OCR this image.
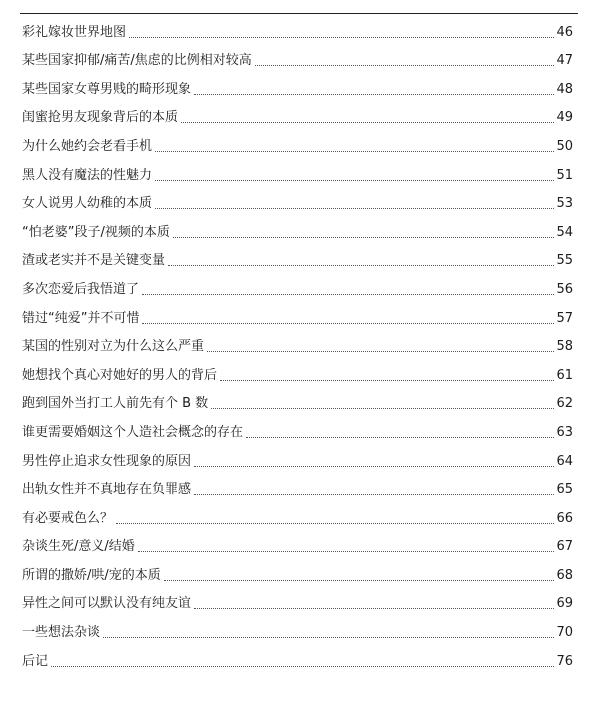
彩礼嫁妆世界地图	46
某些国家抑郁/痛苦/焦虑的比例相对较高	47
某些国家女尊男贱的畸形现象	48
闺蜜抢男友现象背后的本质	49
为什么她约会老看手机	50
黑人没有魔法的性魅力	51
女人说男人幼稚的本质	53
“怕老婆”段子/视频的本质	54
渣或老实并不是关键变量	55
多次恋爱后我悟道了	56
错过“纯爱”并不可惜	57
某国的性别对立为什么这么严重	58
她想找个真心对她好的男人的背后	61
跑到国外当打工人前先有个 B 数	62
谁更需要婚姻这个人造社会概念的存在	63
男性停止追求女性现象的原因	64
出轨女性并不真地存在负罪感	65
有必要戒色么？	66
杂谈生死/意义/结婚	67
所谓的撒娇/哄/宠的本质	68
异性之间可以默认没有纯友谊	69
一些想法杂谈	70
后记	76
